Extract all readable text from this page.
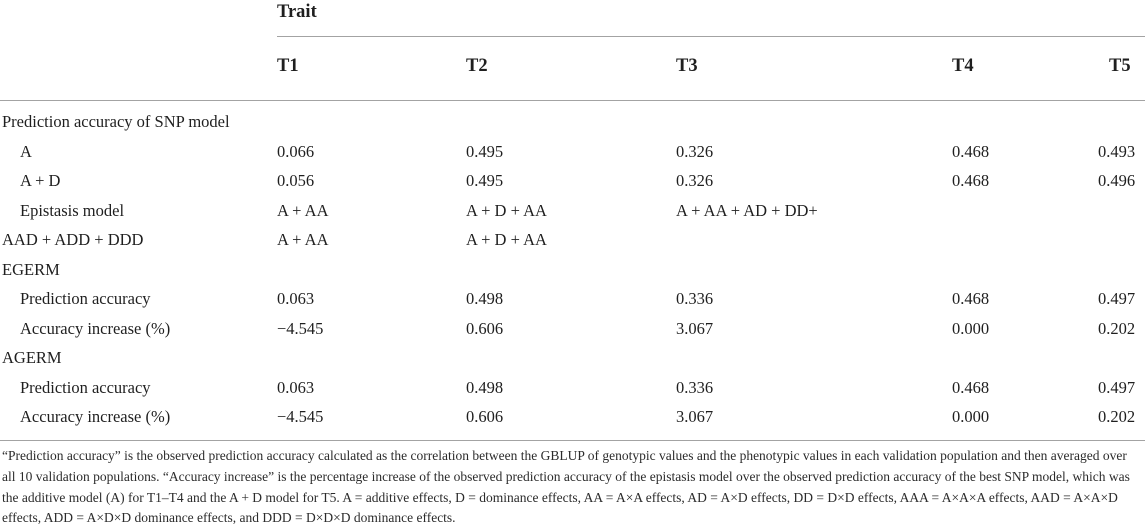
Trait
T1	T2	T3	T4	T5
Prediction accuracy of SNP model
A	0.066	0.495	0.326	0.468	0.493
A + D	0.056	0.495	0.326	0.468	0.496
Epistasis model	A + AA	A + D + AA	A + AA + AD + DD+
AAD + ADD + DDD	A + AA	A + D + AA
EGERM
Prediction accuracy	0.063	0.498	0.336	0.468	0.497
Accuracy increase (%)	−4.545	0.606	3.067	0.000	0.202
AGERM
Prediction accuracy	0.063	0.498	0.336	0.468	0.497
Accuracy increase (%)	−4.545	0.606	3.067	0.000	0.202

“Prediction accuracy” is the observed prediction accuracy calculated as the correlation between the GBLUP of genotypic values and the phenotypic values in each validation population and then averaged over all 10 validation populations. “Accuracy increase” is the percentage increase of the observed prediction accuracy of the epistasis model over the observed prediction accuracy of the best SNP model, which was the additive model (A) for T1–T4 and the A + D model for T5. A = additive effects, D = dominance effects, AA = A×A effects, AD = A×D effects, DD = D×D effects, AAA = A×A×A effects, AAD = A×A×D effects, ADD = A×D×D dominance effects, and DDD = D×D×D dominance effects.
